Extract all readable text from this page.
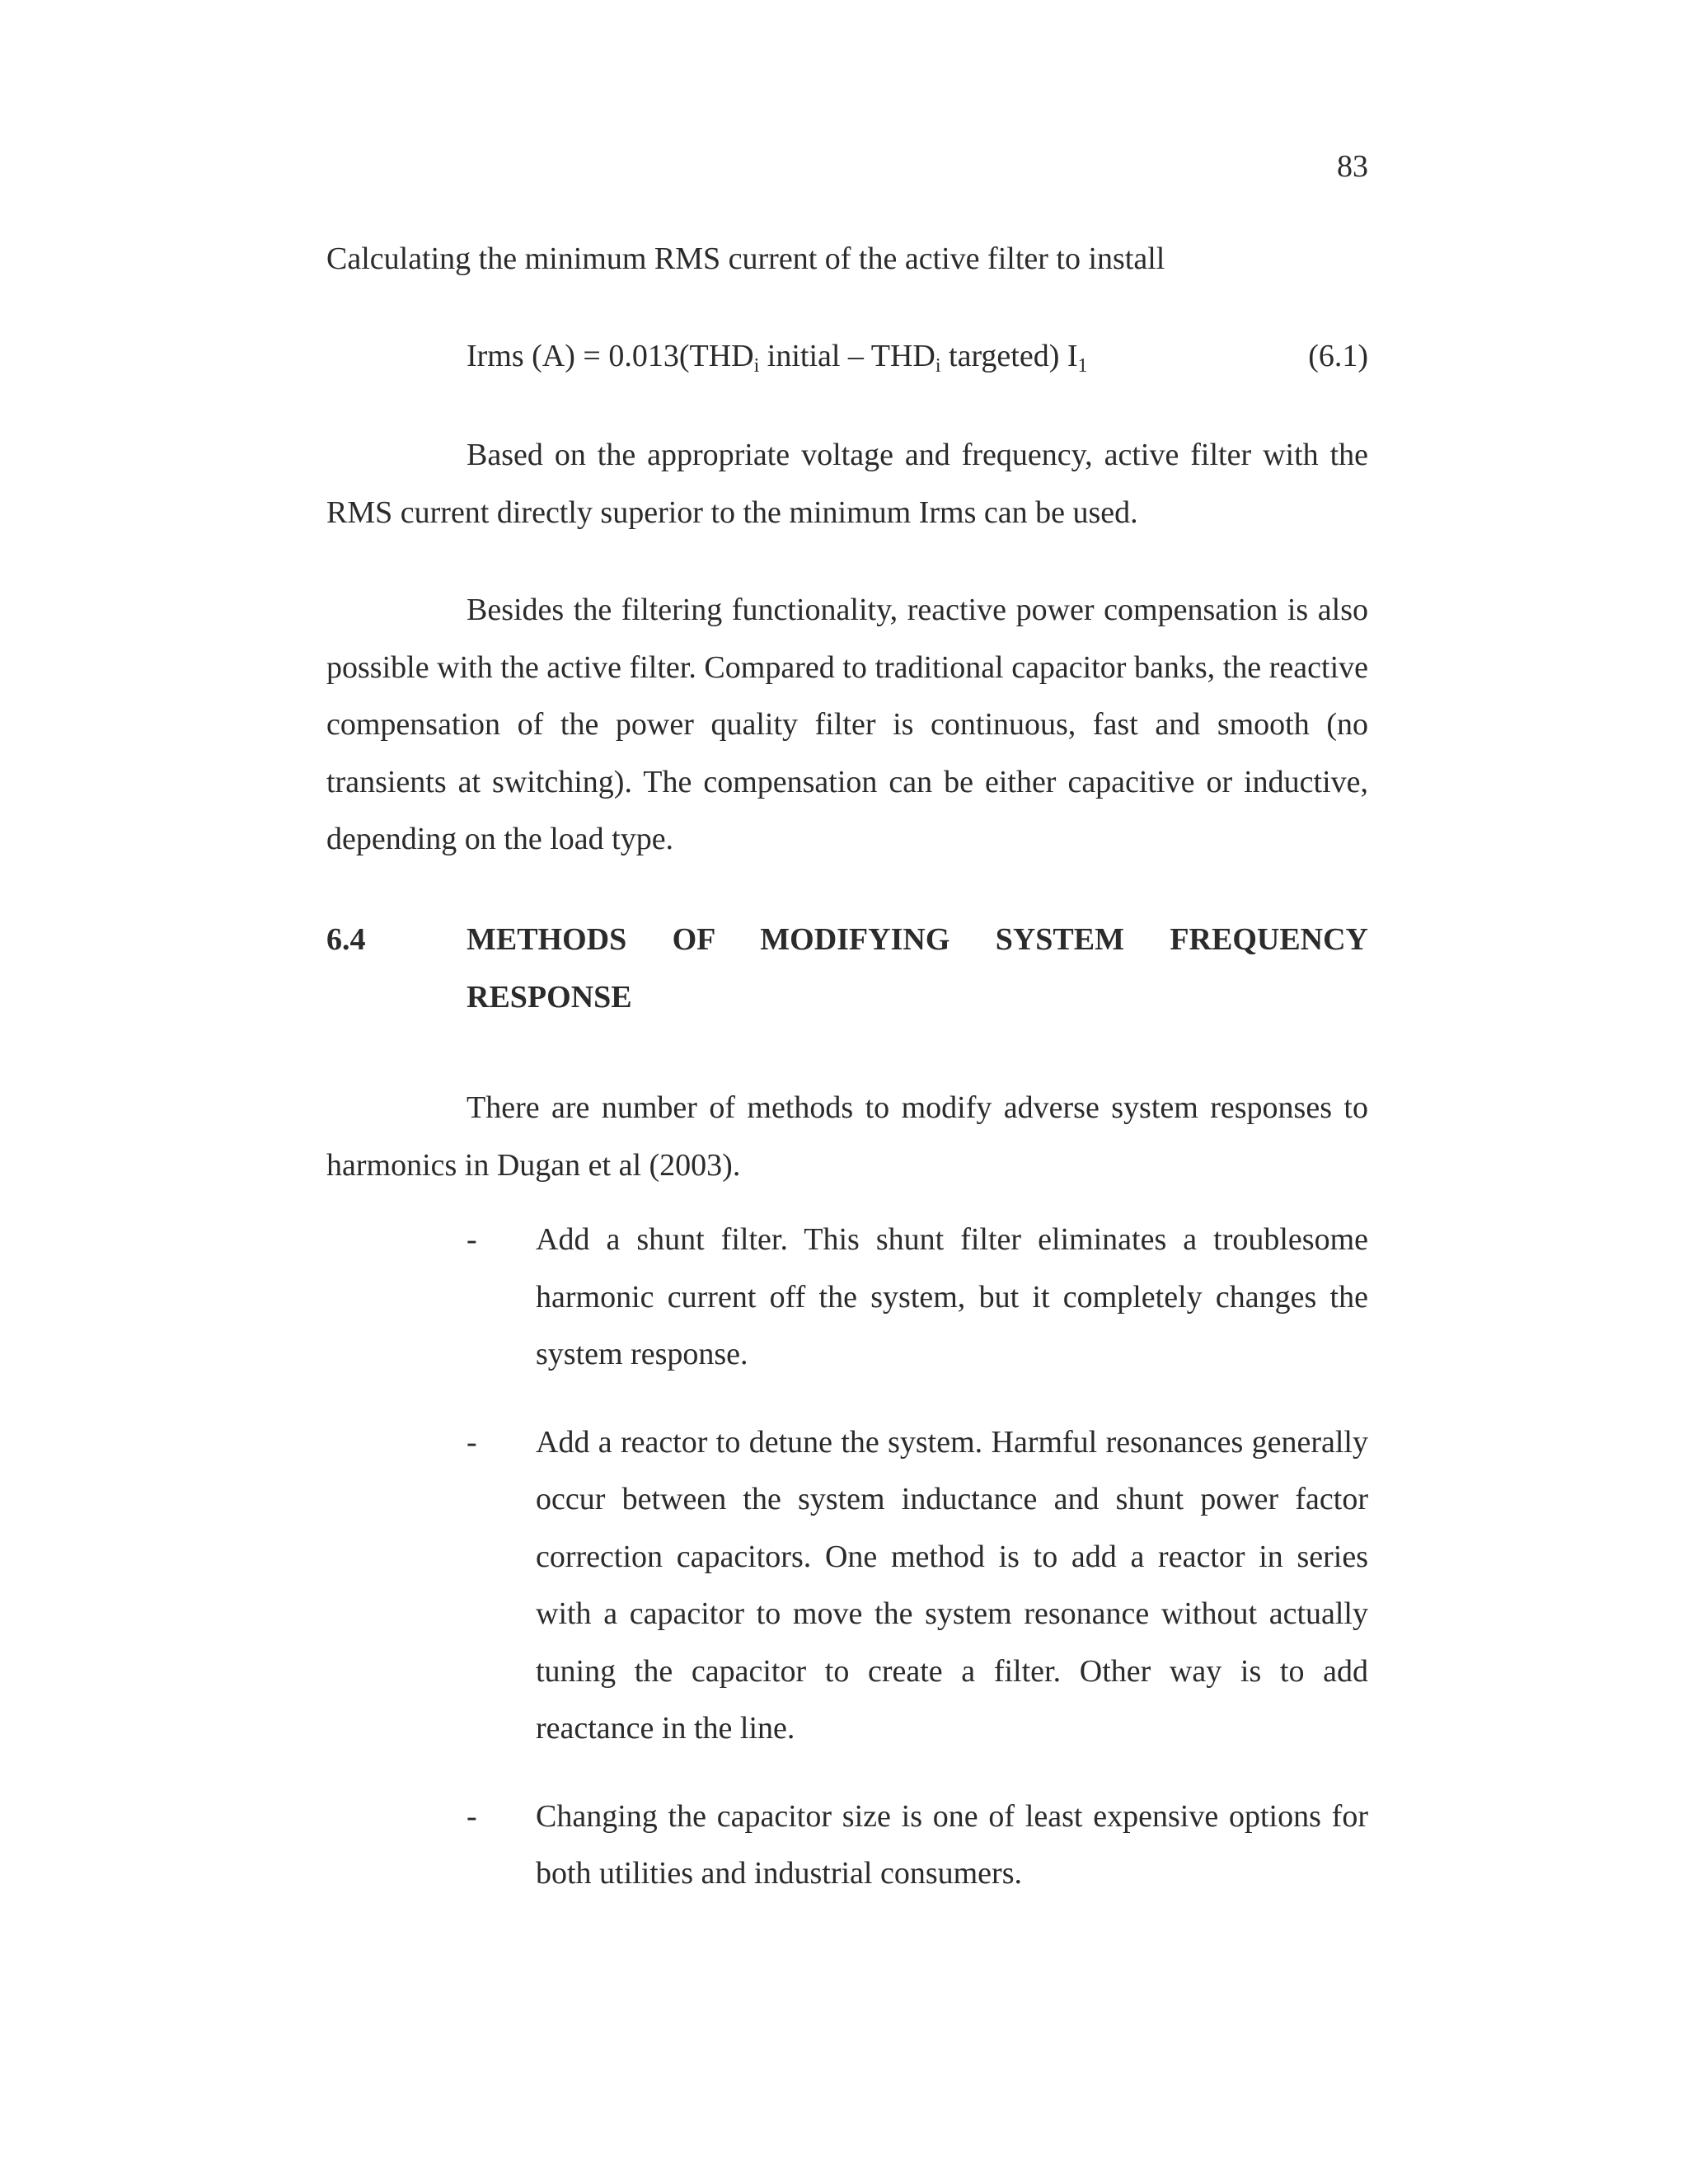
83
Calculating the minimum RMS current of the active filter to install
Irms $(A) = 0.013(THD_i$ initial – $THD_i$ targeted) $I_1$	(6.1)

Based on the appropriate voltage and frequency, active filter with the RMS current directly superior to the minimum Irms can be used.

Besides the filtering functionality, reactive power compensation is also possible with the active filter. Compared to traditional capacitor banks, the reactive compensation of the power quality filter is continuous, fast and smooth (no transients at switching). The compensation can be either capacitive or inductive, depending on the load type.

6.4	METHODS OF MODIFYING SYSTEM FREQUENCY RESPONSE

There are number of methods to modify adverse system responses to harmonics in Dugan et al (2003).

- Add a shunt filter. This shunt filter eliminates a troublesome harmonic current off the system, but it completely changes the system response.
- Add a reactor to detune the system. Harmful resonances generally occur between the system inductance and shunt power factor correction capacitors. One method is to add a reactor in series with a capacitor to move the system resonance without actually tuning the capacitor to create a filter. Other way is to add reactance in the line.
- Changing the capacitor size is one of least expensive options for both utilities and industrial consumers.
